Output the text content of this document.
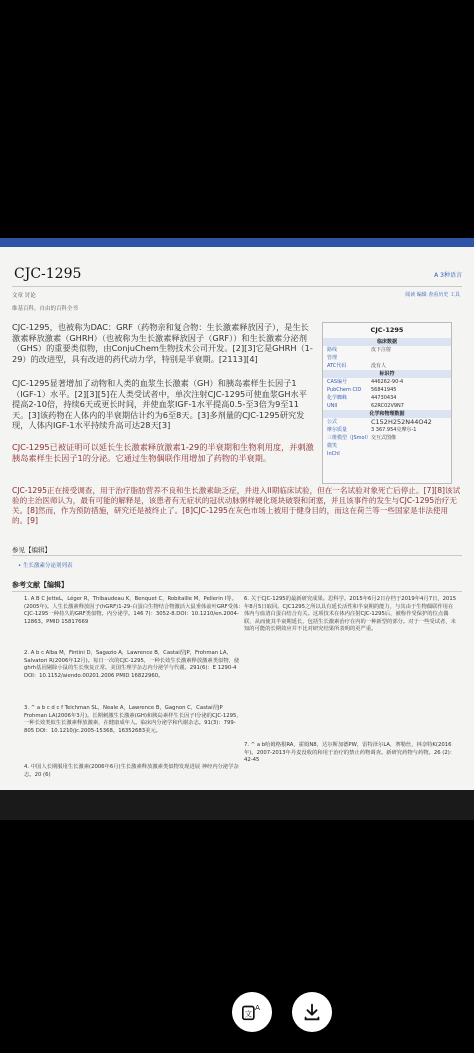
CJC-1295	A 3种语言
文章 讨论	阅读 编辑 查看历史 工具
维基百科，自由的百科全书

CJC-1295，也被称为DAC：GRF（药物亲和复合物：生长激素释放因子），是生长激素释放激素（GHRH）（也被称为生长激素释放因子（GRF））和生长激素分泌剂（GHS）的重要类似物，由ConjuChem生物技术公司开发。[2][3]它是GHRH（1-29）的改进型，具有改进的药代动力学，特别是半衰期。[2113][4]

CJC-1295显著增加了动物和人类的血浆生长激素（GH）和胰岛素样生长因子1（IGF-1）水平。[2][3][5]在人类受试者中，单次注射CJC-1295可使血浆GH水平提高2-10倍，持续6天或更长时间，并使血浆IGF-1水平提高0.5-至3倍为9至11天。[3]该药物在人体内的半衰期估计约为6至8天。[3]多剂量的CJC-1295研究发现，人体内IGF-1水平持续升高可达28天[3]

CJC-1295已被证明可以延长生长激素释放激素1-29的半衰期和生物利用度，并刺激胰岛素样生长因子1的分泌。它通过生物偶联作用增加了药物的半衰期。

CJC-1295正在接受调查，用于治疗脂肪营养不良和生长激素缺乏症，并进入II期临床试验，但在一名试验对象死亡后停止。[7][8]该试验的主治医师认为，最有可能的解释是，该患者有无症状的冠状动脉粥样硬化斑块破裂和闭塞，并且该事件的发生与CJC-1295治疗无关。[8]然而，作为预防措施，研究还是被终止了。[8]CJC-1295在灰色市场上被用于健身目的，而这在荷兰等一些国家是非法使用的。[9]

CJC-1295
临床数据
路线	皮下注射
管理
ATC代码	没有人
标识符
CAS编号	446262-90-4
PubChem CID	56841945
化学蜘蛛	44730434
UNII	62RC02V9N7
化学和物理数据
公式	C152H252N44O42
摩尔质量	3 367.954克摩尔-1
三维模型（JSmol） 交互式图像
微笑
InChI
参见【编辑】
• 生长激素分泌剂列表
参考文献【编辑】

1. A B C JetteL，Léger R，Thibaudeau K，Benquet C，Robitaille M，Pellerin I等。(2005年)。人生长激素释放因子(hGRF)1-29-白蛋白生物结合物激活大鼠垂体前叶GRF受体：CJC-1295一种持久的GRF类似物。内分泌学。146 7)：3052-8.DOI：10.1210/en.2004-12863。PMID 15817669

2. A b c Alba M，Fintini D，Sagazio A，Lawrence B，Castai涅JP，Frohman LA，Salvatori R(2006年12月)。每日一次的CJC-1295，一种长效生长激素释放激素类似物，使ghrh基因剔除小鼠的生长恢复正常。美国生理学杂志内分泌学与代谢。291(6)：E 1290-4 DOI：10.1152/aiendo.00201.2006 PMID 16822960。

3. ^ a b c d c f Teichman SL，Neale A，Lawrence B，Gagnon C，Castai涅JP Frohman LA(2006年3月)。长期刺激生长激素(GH)和胰岛素样生长因子I分泌的CJC-1295，一种长效类似生长激素释放激素，在健康成年人。临床内分泌学和代谢杂志。91(3)：799-805 DOI：10.1210/jc.2005-15368。16352683美元。

4. 中国人长期服用生长激素(2006年6月)生长激素释放激素类似物发现进展 神经内分泌学杂志。20 (6)

6. 关于CJC-1295的最新研究成果。思科学。2015年6月2日存档于2019年4月7日，2015年8月5日取回。CJC1295之所以具有延长活性和半衰期的能力，与其由于生物偶联作用在体内与血清白蛋白结合有关。这项技术在体内注射CJC-1295后，被称作受保护的位点偶联，从而使其半衰期延长，包括生长激素治疗在内的一种新型的部分。对于一些受试者，未知的可能的长期效应并不比对研究结果所表明的更严重。

7. ^ a b哈姆格根RA，霍姆N8，达尔斯加德PW，雷特泽尔LA，赛勒丝，林奈特K(2016年)。2007-2013年丹麦没收的和用于治疗的禁止药物调查。新研究药物与药物。26 (2)：42-45

文
A
